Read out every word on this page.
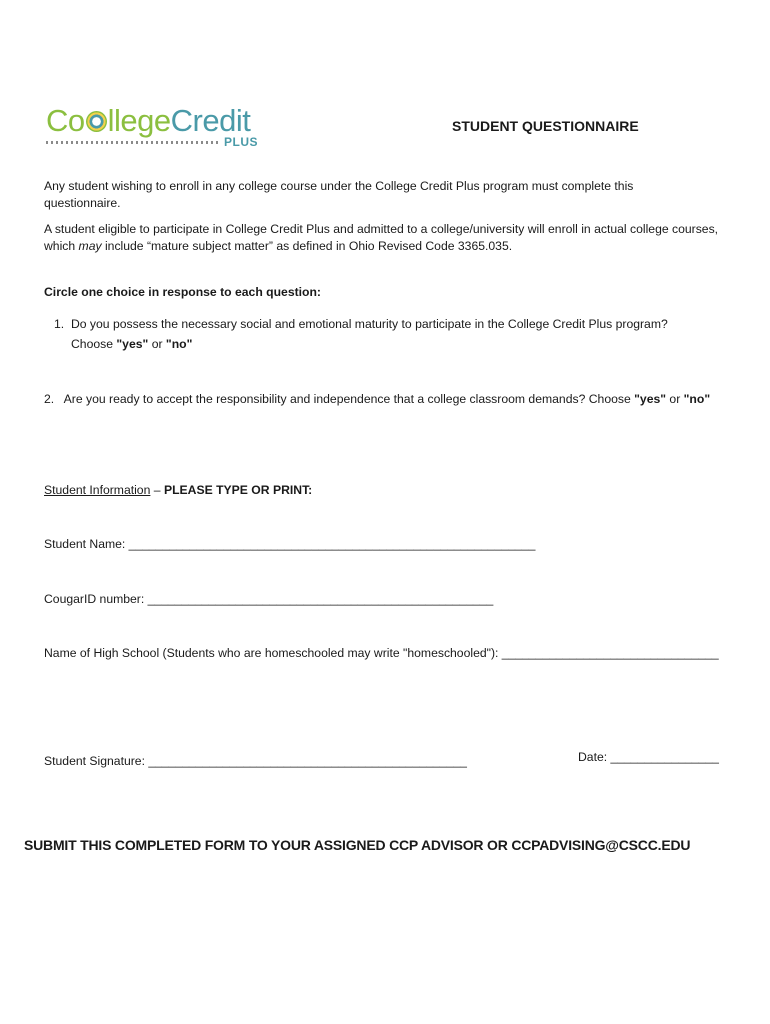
Co llegeCredit
PLUS
STUDENT QUESTIONNAIRE

Any student wishing to enroll in any college course under the College Credit Plus program must complete this questionnaire.

A student eligible to participate in College Credit Plus and admitted to a college/university will enroll in actual college courses, which may include “mature subject matter” as defined in Ohio Revised Code 3365.035.

Circle one choice in response to each question:
1. Do you possess the necessary social and emotional maturity to participate in the College Credit Plus program?
Choose "yes" or "no"
2. Are you ready to accept the responsibility and independence that a college classroom demands? Choose "yes" or "no"
Student Information – PLEASE TYPE OR PRINT:
Student Name: ____________________________________________________________
CougarID number: ___________________________________________________
Name of High School (Students who are homeschooled may write "homeschooled"): ________________________________
Student Signature: _______________________________________________	Date: ________________
SUBMIT THIS COMPLETED FORM TO YOUR ASSIGNED CCP ADVISOR OR CCPADVISING@CSCC.EDU
